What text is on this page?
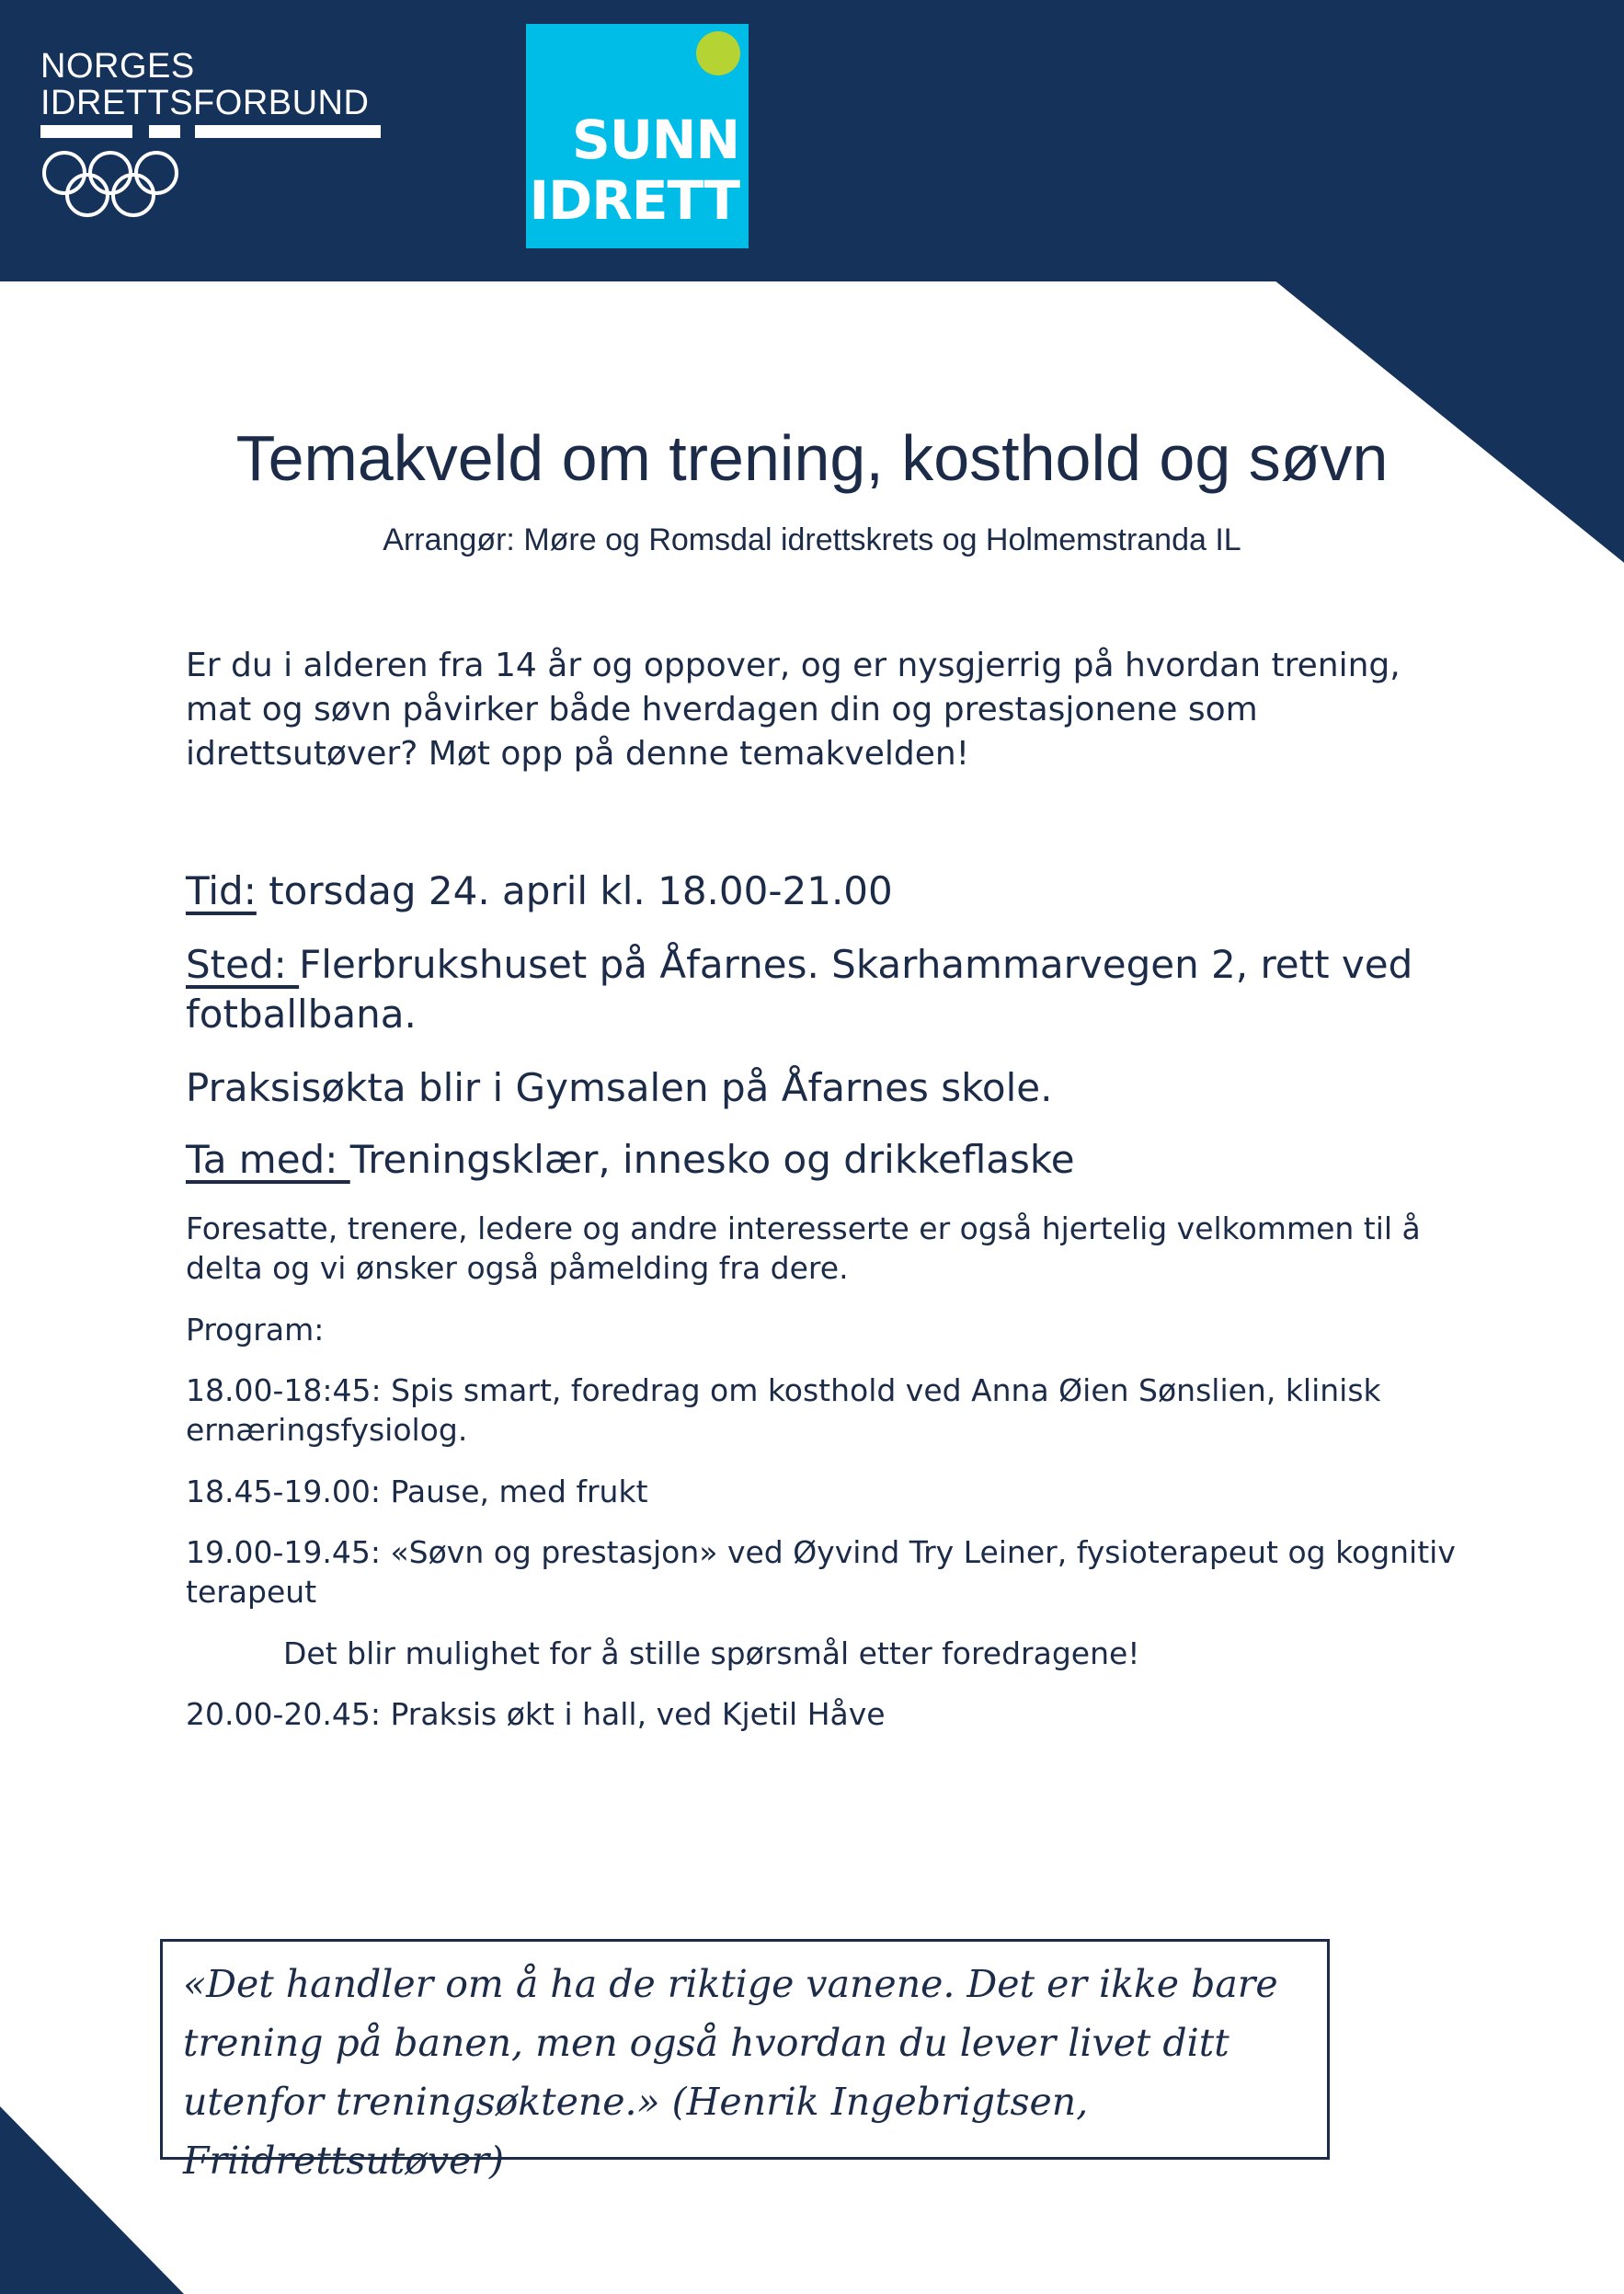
NORGES
IDRETTSFORBUND
SUNN
IDRETT
Temakveld om trening, kosthold og søvn

Arrangør: Møre og Romsdal idrettskrets og Holmemstranda IL

Er du i alderen fra 14 år og oppover, og er nysgjerrig på hvordan trening, mat og søvn påvirker både hverdagen din og prestasjonene som idrettsutøver? Møt opp på denne temakvelden!

Tid: torsdag 24. april kl. 18.00-21.00

Sted: Flerbrukshuset på Åfarnes. Skarhammarvegen 2, rett ved fotballbana.

Praksisøkta blir i Gymsalen på Åfarnes skole.

Ta med: Treningsklær, innesko og drikkeflaske

Foresatte, trenere, ledere og andre interesserte er også hjertelig velkommen til å delta og vi ønsker også påmelding fra dere.

Program:

18.00-18:45: Spis smart, foredrag om kosthold ved Anna Øien Sønslien, klinisk ernæringsfysiolog.

18.45-19.00: Pause, med frukt

19.00-19.45: «Søvn og prestasjon» ved Øyvind Try Leiner, fysioterapeut og kognitiv terapeut

Det blir mulighet for å stille spørsmål etter foredragene!

20.00-20.45: Praksis økt i hall, ved Kjetil Håve

«Det handler om å ha de riktige vanene. Det er ikke bare trening på banen, men også hvordan du lever livet ditt utenfor treningsøktene.» (Henrik Ingebrigtsen, Friidrettsutøver)
